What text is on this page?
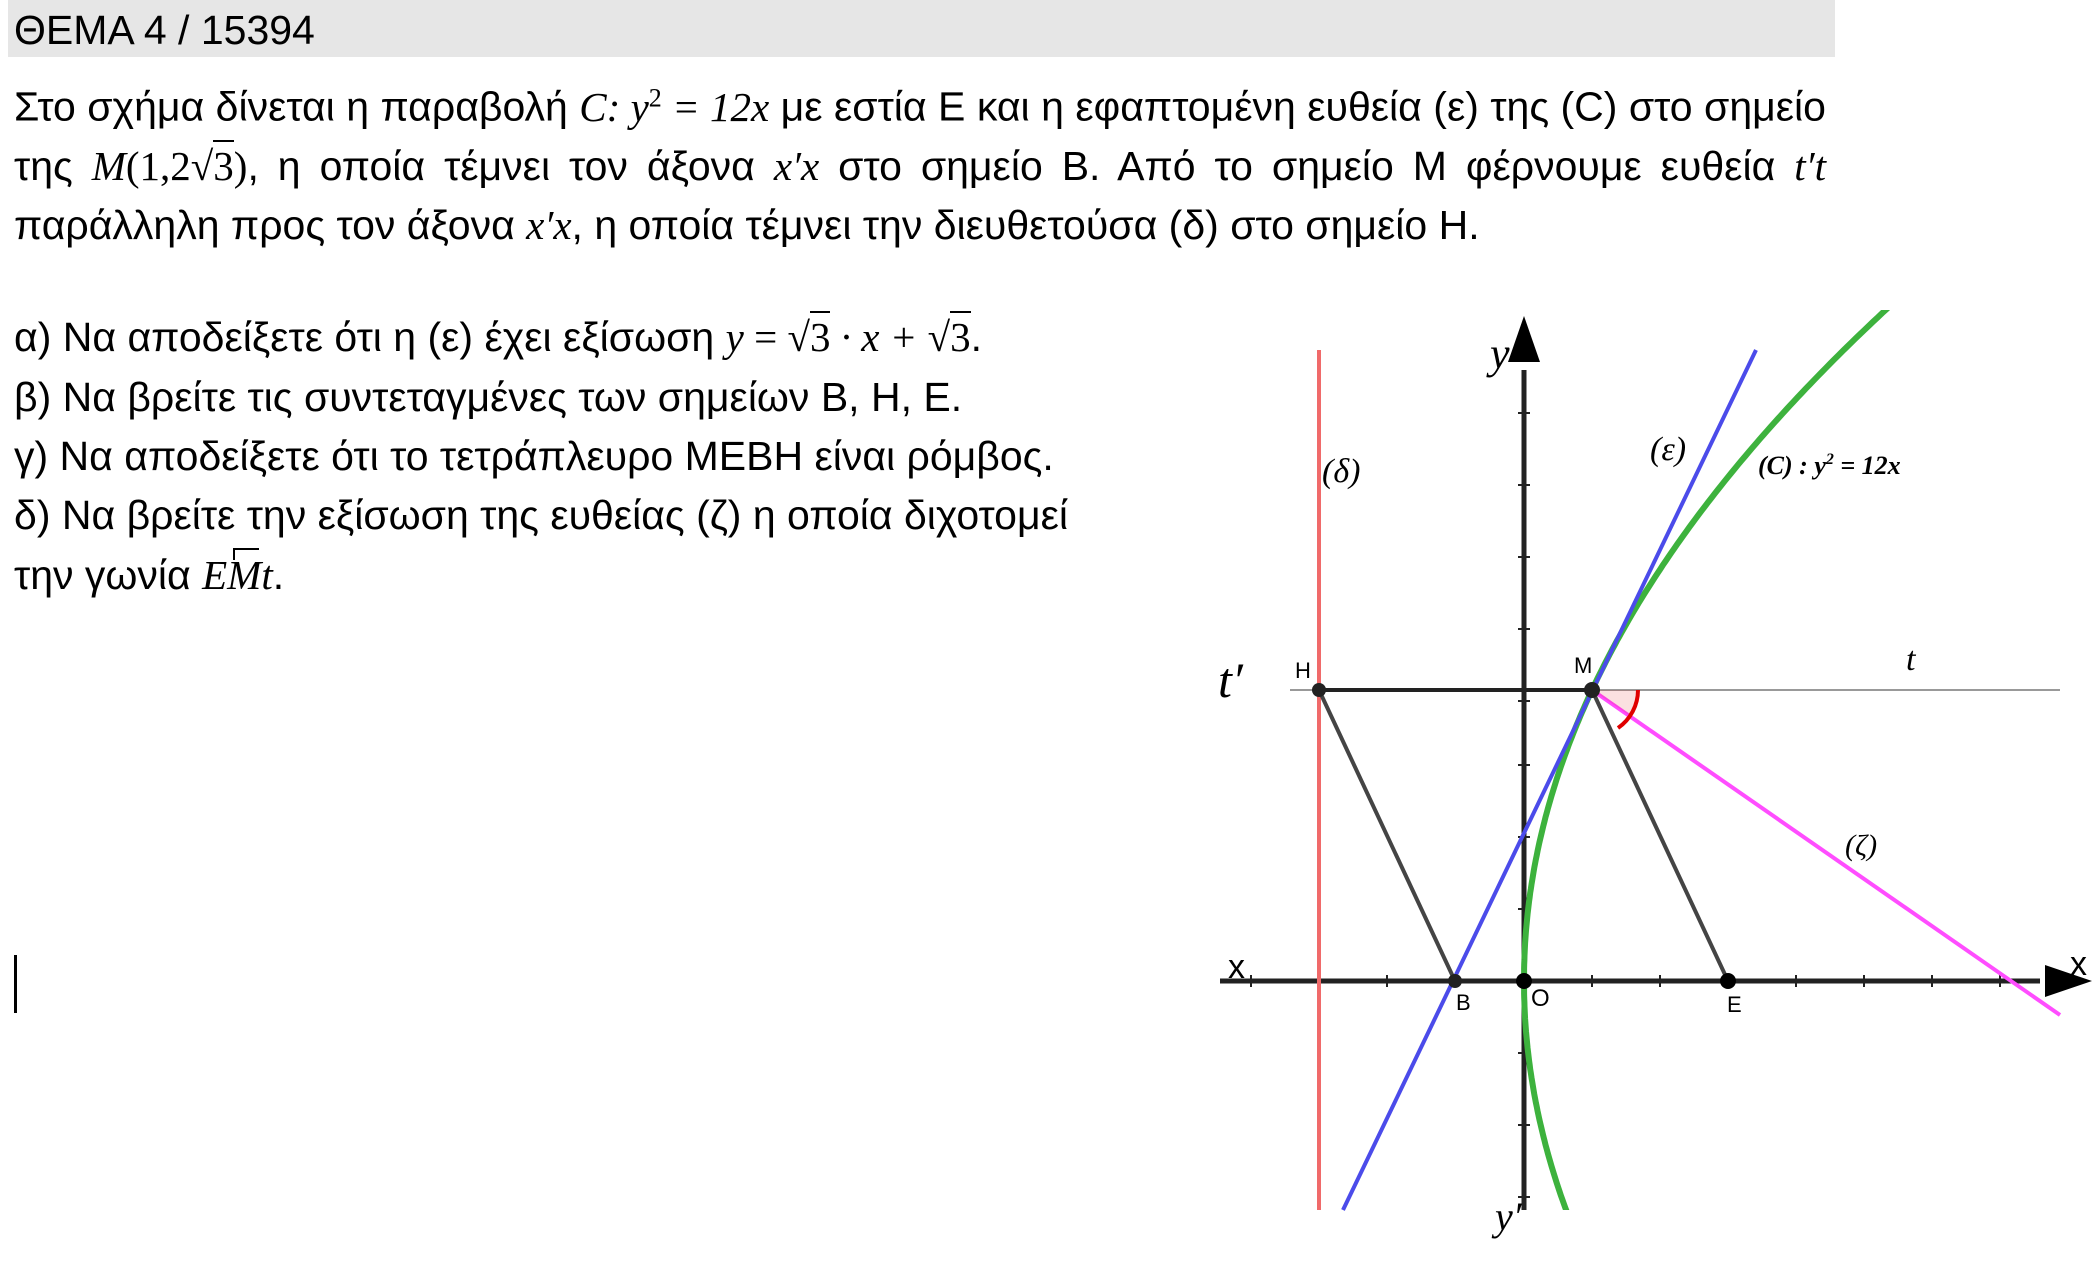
ΘΕΜΑ 4 / 15394
Στο σχήμα δίνεται η παραβολή C: $y^2 = 12x$ με εστία Ε και η εφαπτομένη ευθεία (ε) της (C) στο σημείο της M(1,2√3), η οποία τέμνει τον άξονα x′x στο σημείο Β. Από το σημείο Μ φέρνουμε ευθεία t′t παράλληλη προς τον άξονα x′x, η οποία τέμνει την διευθετούσα (δ) στο σημείο Η.
α) Να αποδείξετε ότι η (ε) έχει εξίσωση y = √3 · x + √3.
β) Να βρείτε τις συντεταγμένες των σημείων Β, Η, Ε.
γ) Να αποδείξετε ότι το τετράπλευρο ΜΕΒΗ είναι ρόμβος.
δ) Να βρείτε την εξίσωση της ευθείας (ζ) η οποία διχοτομεί
την γωνία EMt.
H	M
B	O	E
(δ)
(ε)	(C) : $y^2 = 12x$
(ζ)
t
t′
y
y′
x	x
